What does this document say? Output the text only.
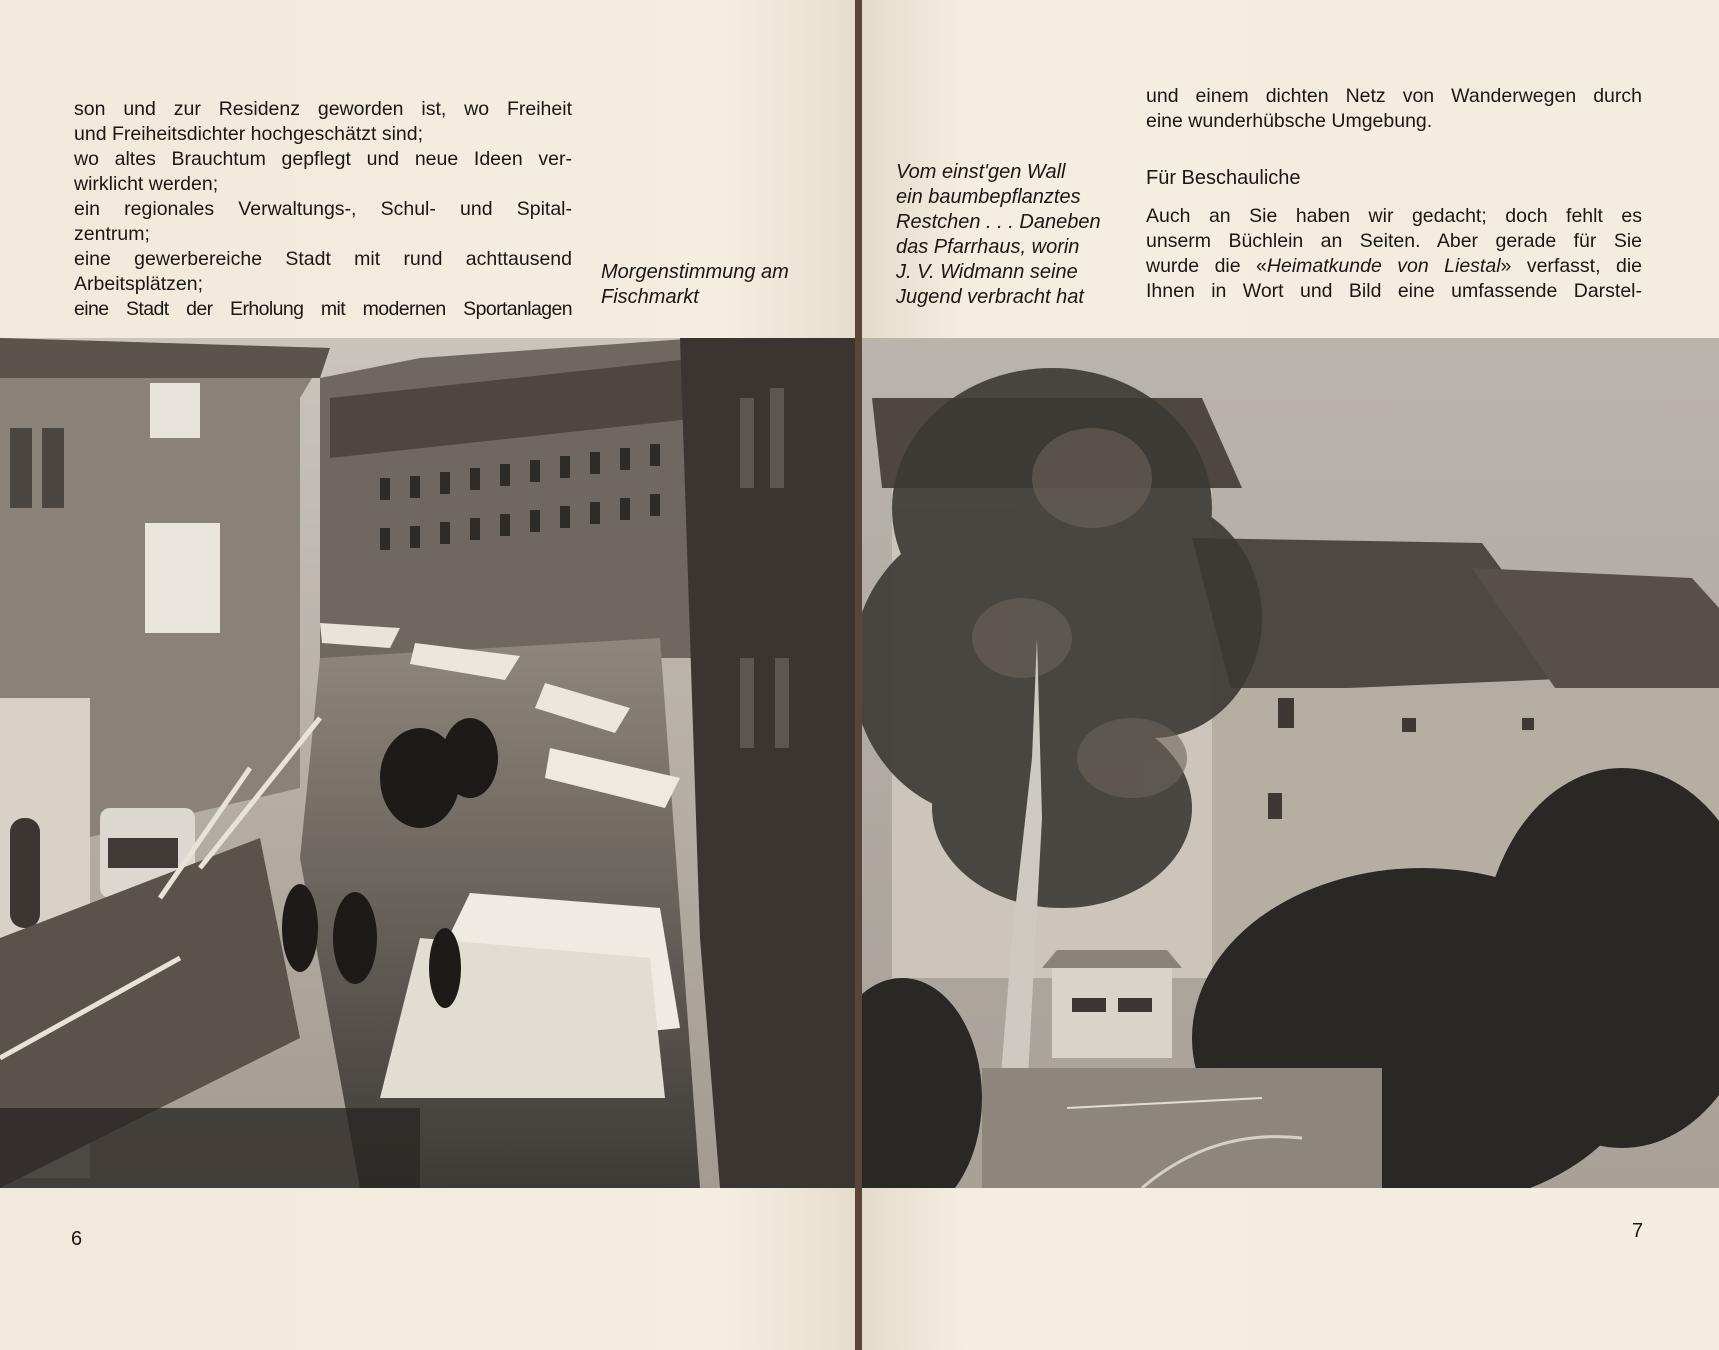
son und zur Residenz geworden ist, wo Freiheit
und Freiheitsdichter hochgeschätzt sind;
wo altes Brauchtum gepflegt und neue Ideen ver-
wirklicht werden;
ein regionales Verwaltungs-, Schul- und Spital-
zentrum;
eine gewerbereiche Stadt mit rund achttausend
Arbeitsplätzen;
eine Stadt der Erholung mit modernen Sportanlagen
Morgenstimmung am
Fischmarkt
6
und einem dichten Netz von Wanderwegen durch
eine wunderhübsche Umgebung.
Vom einst'gen Wall
ein baumbepflanztes
Restchen . . . Daneben
das Pfarrhaus, worin
J. V. Widmann seine
Jugend verbracht hat
Für Beschauliche
Auch an Sie haben wir gedacht; doch fehlt es
unserm Büchlein an Seiten. Aber gerade für Sie
wurde die «Heimatkunde von Liestal» verfasst, die
Ihnen in Wort und Bild eine umfassende Darstel-
7
